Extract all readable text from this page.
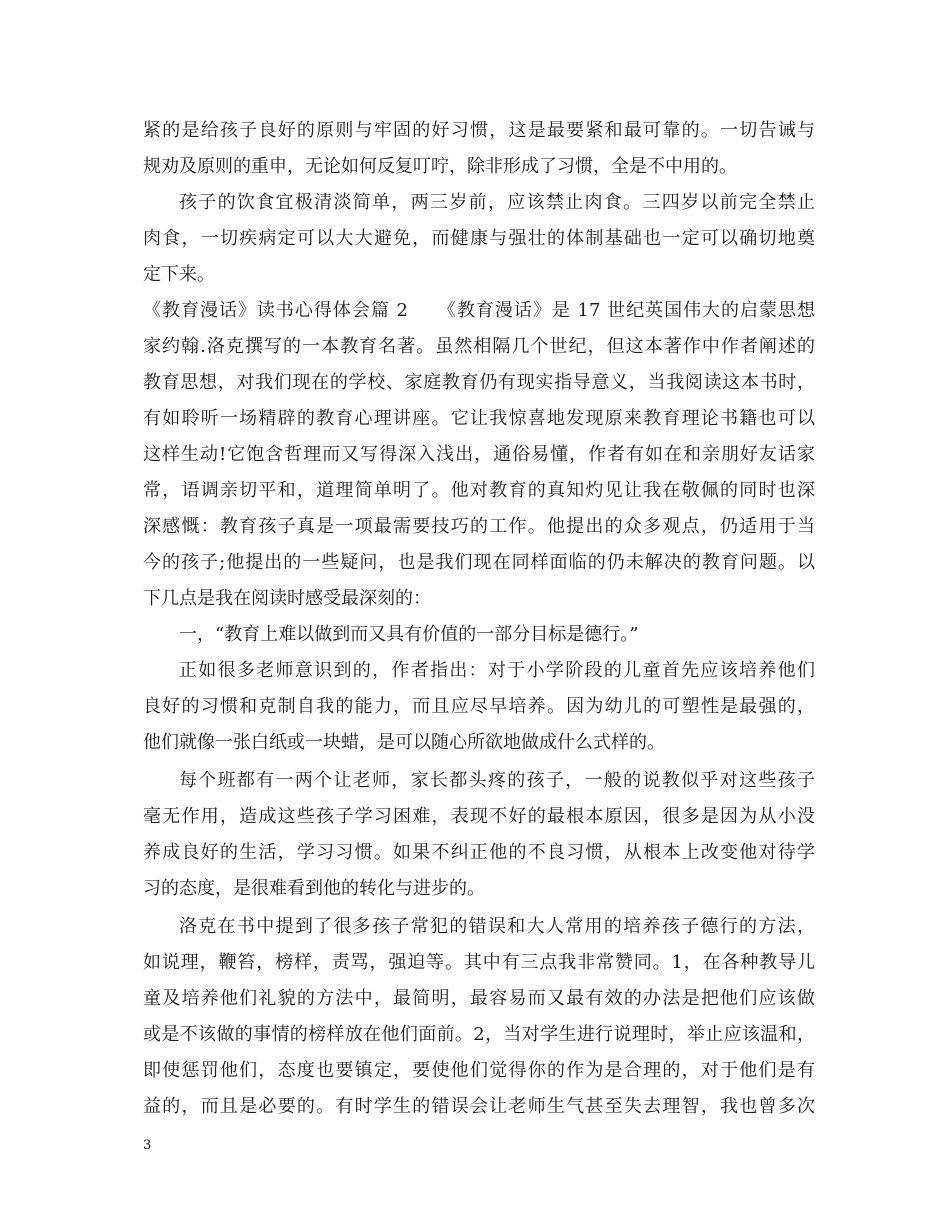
紧的是给孩子良好的原则与牢固的好习惯，这是最要紧和最可靠的。一切告诫与
规劝及原则的重申，无论如何反复叮咛，除非形成了习惯，全是不中用的。
孩子的饮食宜极清淡简单，两三岁前，应该禁止肉食。三四岁以前完全禁止
肉食，一切疾病定可以大大避免，而健康与强壮的体制基础也一定可以确切地奠
定下来。
《教育漫话》读书心得体会篇 2　　《教育漫话》是 17 世纪英国伟大的启蒙思想
家约翰.洛克撰写的一本教育名著。虽然相隔几个世纪，但这本著作中作者阐述的
教育思想，对我们现在的学校、家庭教育仍有现实指导意义，当我阅读这本书时，
有如聆听一场精辟的教育心理讲座。它让我惊喜地发现原来教育理论书籍也可以
这样生动!它饱含哲理而又写得深入浅出，通俗易懂，作者有如在和亲朋好友话家
常，语调亲切平和，道理简单明了。他对教育的真知灼见让我在敬佩的同时也深
深感慨：教育孩子真是一项最需要技巧的工作。他提出的众多观点，仍适用于当
今的孩子;他提出的一些疑问，也是我们现在同样面临的仍未解决的教育问题。以
下几点是我在阅读时感受最深刻的：
一，“教育上难以做到而又具有价值的一部分目标是德行。”
正如很多老师意识到的，作者指出：对于小学阶段的儿童首先应该培养他们
良好的习惯和克制自我的能力，而且应尽早培养。因为幼儿的可塑性是最强的，
他们就像一张白纸或一块蜡，是可以随心所欲地做成什么式样的。
每个班都有一两个让老师，家长都头疼的孩子，一般的说教似乎对这些孩子
毫无作用，造成这些孩子学习困难，表现不好的最根本原因，很多是因为从小没
养成良好的生活，学习习惯。如果不纠正他的不良习惯，从根本上改变他对待学
习的态度，是很难看到他的转化与进步的。
洛克在书中提到了很多孩子常犯的错误和大人常用的培养孩子德行的方法，
如说理，鞭笞，榜样，责骂，强迫等。其中有三点我非常赞同。1，在各种教导儿
童及培养他们礼貌的方法中，最简明，最容易而又最有效的办法是把他们应该做
或是不该做的事情的榜样放在他们面前。2，当对学生进行说理时，举止应该温和，
即使惩罚他们，态度也要镇定，要使他们觉得你的作为是合理的，对于他们是有
益的，而且是必要的。有时学生的错误会让老师生气甚至失去理智，我也曾多次
3
